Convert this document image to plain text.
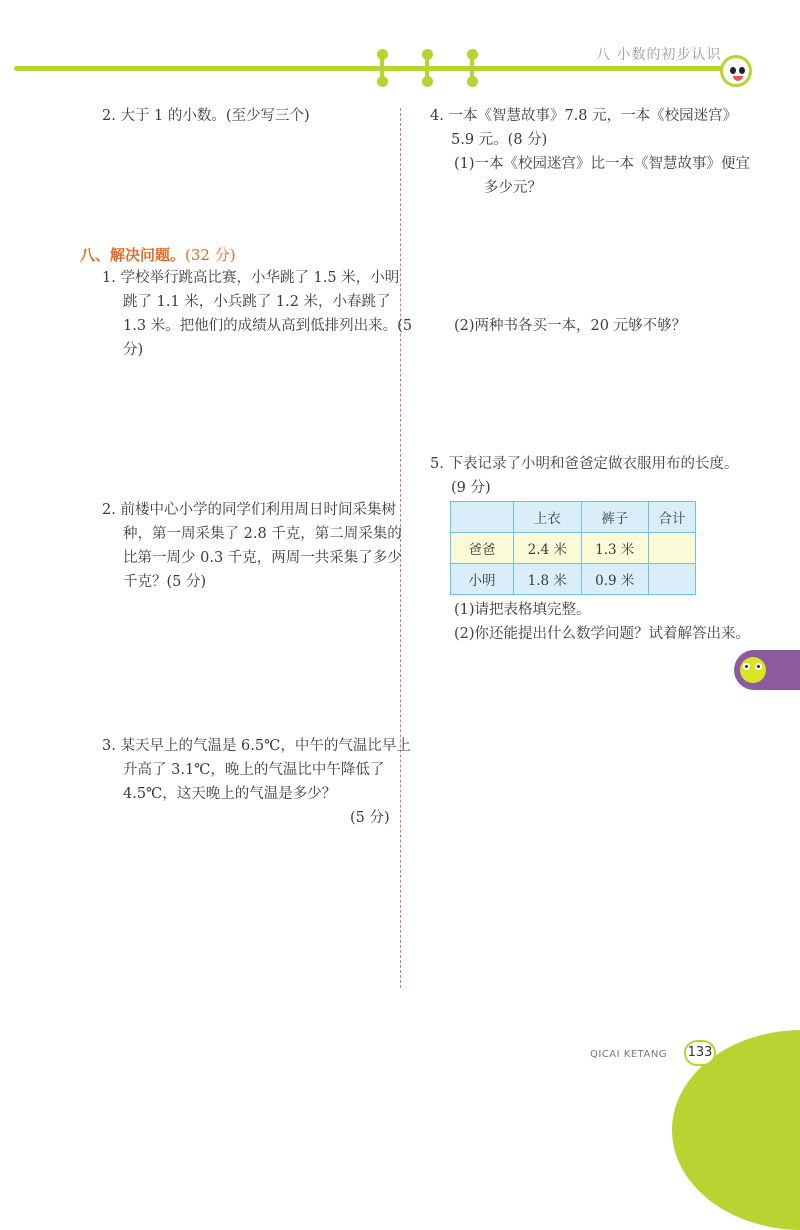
八 小数的初步认识
2. 大于 1 的小数。(至少写三个)
八、解决问题。(32 分)
1. 学校举行跳高比赛，小华跳了 1.5 米，小明跳了 1.1 米，小兵跳了 1.2 米，小春跳了 1.3 米。把他们的成绩从高到低排列出来。(5 分)
2. 前楼中心小学的同学们利用周日时间采集树种，第一周采集了 2.8 千克，第二周采集的比第一周少 0.3 千克，两周一共采集了多少千克？(5 分)
3. 某天早上的气温是 6.5℃，中午的气温比早上升高了 3.1℃，晚上的气温比中午降低了 4.5℃，这天晚上的气温是多少？
(5 分)
4. 一本《智慧故事》7.8 元，一本《校园迷宫》5.9 元。(8 分)
(1)一本《校园迷宫》比一本《智慧故事》便宜多少元？
(2)两种书各买一本，20 元够不够？
5. 下表记录了小明和爸爸定做衣服用布的长度。(9 分)
	上衣	裤子	合计
爸爸	2.4 米	1.3 米	
小明	1.8 米	0.9 米	
(1)请把表格填完整。
(2)你还能提出什么数学问题？试着解答出来。
QICAI KETANG 133
